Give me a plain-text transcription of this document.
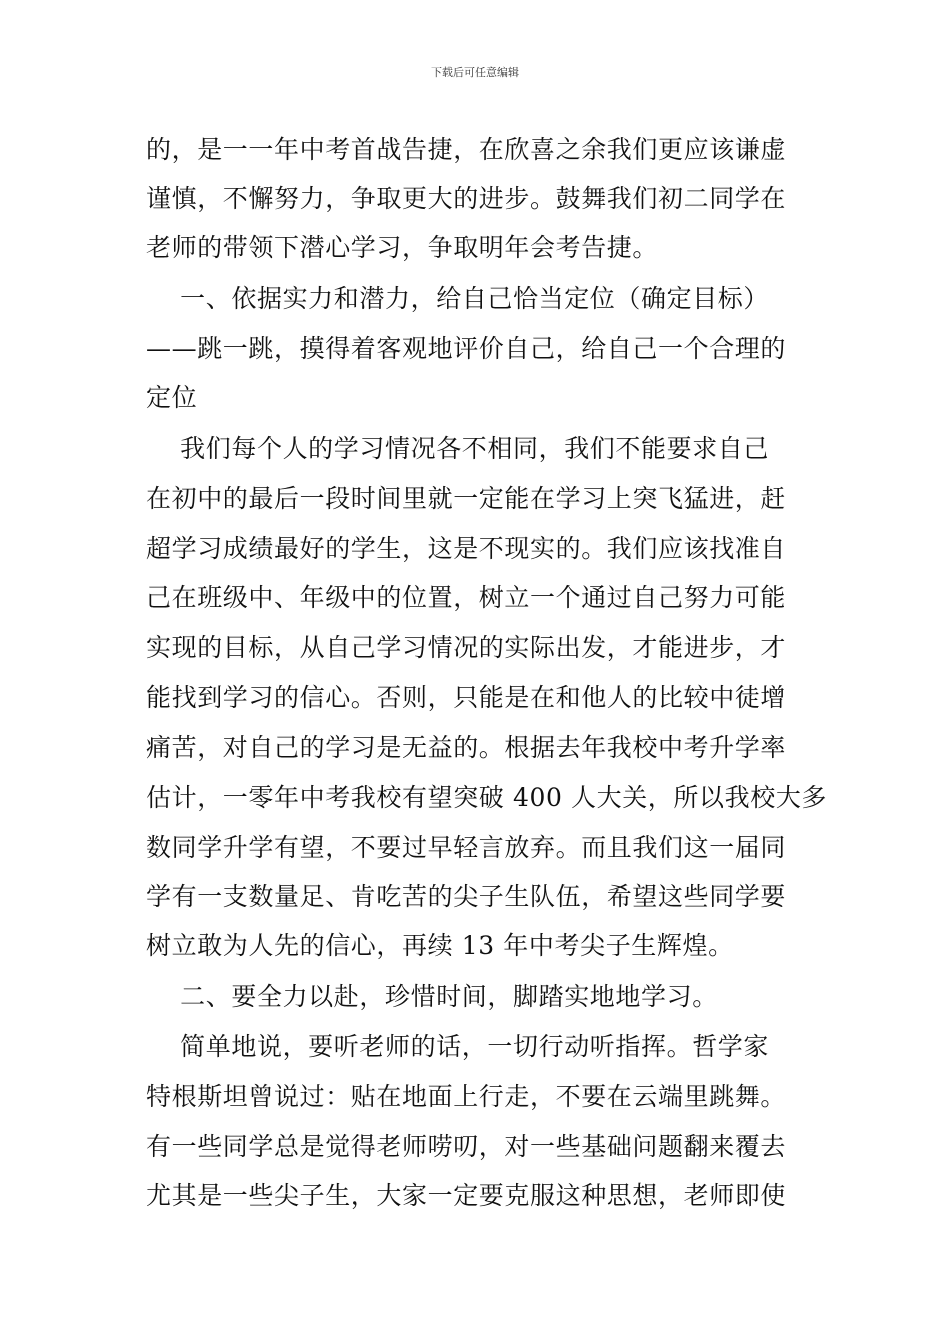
下载后可任意编辑
的，是一一年中考首战告捷，在欣喜之余我们更应该谦虚
谨慎，不懈努力，争取更大的进步。鼓舞我们初二同学在
老师的带领下潜心学习，争取明年会考告捷。
一、依据实力和潜力，给自己恰当定位（确定目标）
——跳一跳，摸得着客观地评价自己，给自己一个合理的
定位
我们每个人的学习情况各不相同，我们不能要求自己
在初中的最后一段时间里就一定能在学习上突飞猛进，赶
超学习成绩最好的学生，这是不现实的。我们应该找准自
己在班级中、年级中的位置，树立一个通过自己努力可能
实现的目标，从自己学习情况的实际出发，才能进步，才
能找到学习的信心。否则，只能是在和他人的比较中徒增
痛苦，对自己的学习是无益的。根据去年我校中考升学率
估计，一零年中考我校有望突破 400 人大关，所以我校大多
数同学升学有望，不要过早轻言放弃。而且我们这一届同
学有一支数量足、肯吃苦的尖子生队伍，希望这些同学要
树立敢为人先的信心，再续 13 年中考尖子生辉煌。
二、要全力以赴，珍惜时间，脚踏实地地学习。
简单地说，要听老师的话，一切行动听指挥。哲学家
特根斯坦曾说过：贴在地面上行走，不要在云端里跳舞。
有一些同学总是觉得老师唠叨，对一些基础问题翻来覆去
尤其是一些尖子生，大家一定要克服这种思想，老师即使
